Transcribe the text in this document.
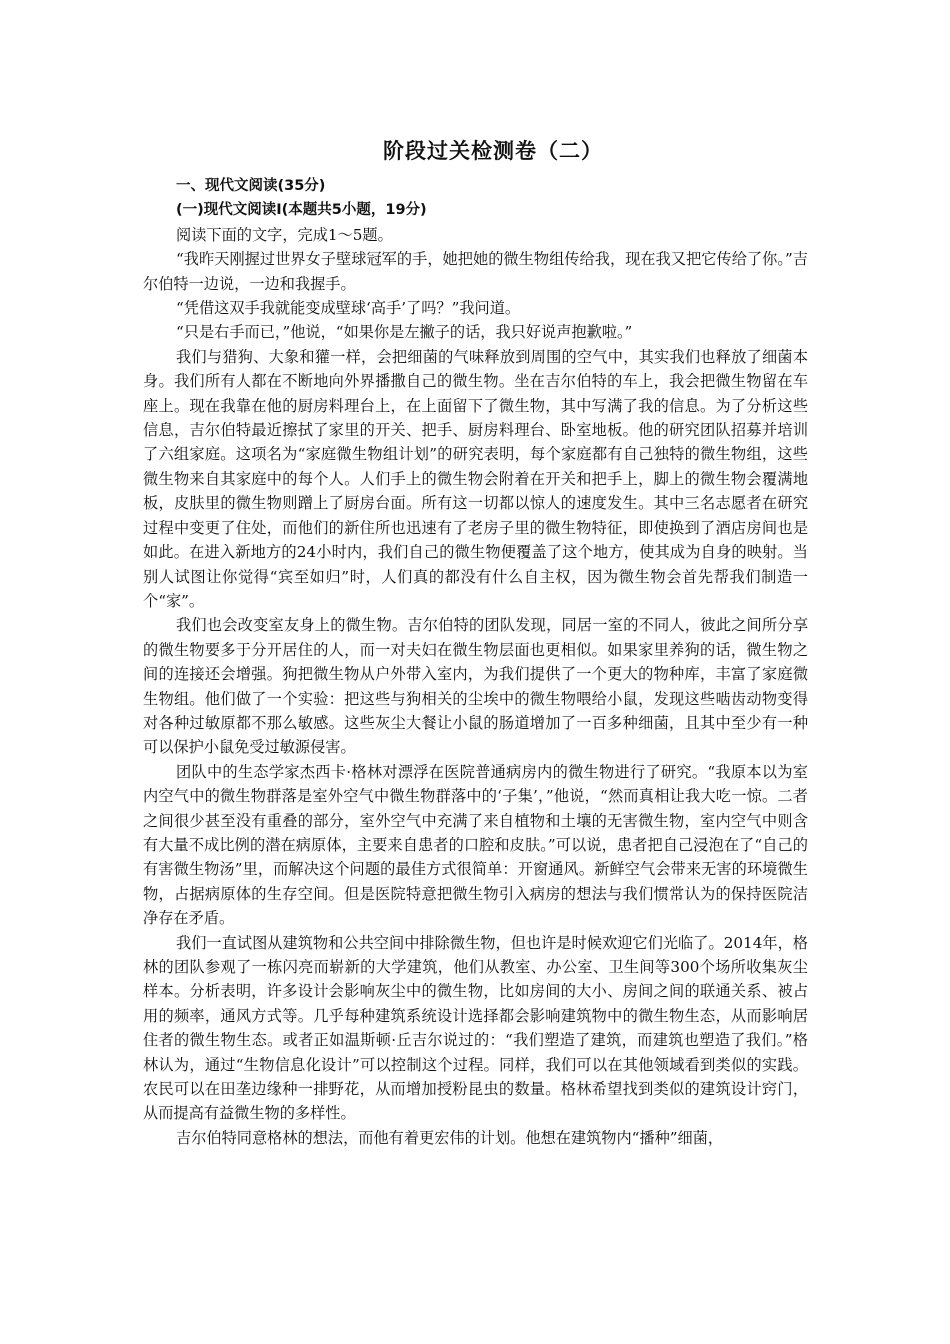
阶段过关检测卷（二）

一、现代文阅读(35分)

(一)现代文阅读Ⅰ(本题共5小题，19分)

阅读下面的文字，完成1～5题。

“我昨天刚握过世界女子壁球冠军的手，她把她的微生物组传给我，现在我又把它传给了你。”吉尔伯特一边说，一边和我握手。

“凭借这双手我就能变成壁球‘高手’了吗？”我问道。

“只是右手而已，”他说，“如果你是左撇子的话，我只好说声抱歉啦。”

我们与猎狗、大象和獾一样，会把细菌的气味释放到周围的空气中，其实我们也释放了细菌本身。我们所有人都在不断地向外界播撒自己的微生物。坐在吉尔伯特的车上，我会把微生物留在车座上。现在我靠在他的厨房料理台上，在上面留下了微生物，其中写满了我的信息。为了分析这些信息，吉尔伯特最近擦拭了家里的开关、把手、厨房料理台、卧室地板。他的研究团队招募并培训了六组家庭。这项名为“家庭微生物组计划”的研究表明，每个家庭都有自己独特的微生物组，这些微生物来自其家庭中的每个人。人们手上的微生物会附着在开关和把手上，脚上的微生物会覆满地板，皮肤里的微生物则蹭上了厨房台面。所有这一切都以惊人的速度发生。其中三名志愿者在研究过程中变更了住处，而他们的新住所也迅速有了老房子里的微生物特征，即使换到了酒店房间也是如此。在进入新地方的24小时内，我们自己的微生物便覆盖了这个地方，使其成为自身的映射。当别人试图让你觉得“宾至如归”时，人们真的都没有什么自主权，因为微生物会首先帮我们制造一个“家”。

我们也会改变室友身上的微生物。吉尔伯特的团队发现，同居一室的不同人，彼此之间所分享的微生物要多于分开居住的人，而一对夫妇在微生物层面也更相似。如果家里养狗的话，微生物之间的连接还会增强。狗把微生物从户外带入室内，为我们提供了一个更大的物种库，丰富了家庭微生物组。他们做了一个实验：把这些与狗相关的尘埃中的微生物喂给小鼠，发现这些啮齿动物变得对各种过敏原都不那么敏感。这些灰尘大餐让小鼠的肠道增加了一百多种细菌，且其中至少有一种可以保护小鼠免受过敏源侵害。

团队中的生态学家杰西卡·格林对漂浮在医院普通病房内的微生物进行了研究。“我原本以为室内空气中的微生物群落是室外空气中微生物群落中的‘子集’，”他说，“然而真相让我大吃一惊。二者之间很少甚至没有重叠的部分，室外空气中充满了来自植物和土壤的无害微生物，室内空气中则含有大量不成比例的潜在病原体，主要来自患者的口腔和皮肤。”可以说，患者把自己浸泡在了“自己的有害微生物汤”里，而解决这个问题的最佳方式很简单：开窗通风。新鲜空气会带来无害的环境微生物，占据病原体的生存空间。但是医院特意把微生物引入病房的想法与我们惯常认为的保持医院洁净存在矛盾。

我们一直试图从建筑物和公共空间中排除微生物，但也许是时候欢迎它们光临了。2014年，格林的团队参观了一栋闪亮而崭新的大学建筑，他们从教室、办公室、卫生间等300个场所收集灰尘样本。分析表明，许多设计会影响灰尘中的微生物，比如房间的大小、房间之间的联通关系、被占用的频率，通风方式等。几乎每种建筑系统设计选择都会影响建筑物中的微生物生态，从而影响居住者的微生物生态。或者正如温斯顿·丘吉尔说过的：“我们塑造了建筑，而建筑也塑造了我们。”格林认为，通过“生物信息化设计”可以控制这个过程。同样，我们可以在其他领域看到类似的实践。农民可以在田垄边缘种一排野花，从而增加授粉昆虫的数量。格林希望找到类似的建筑设计窍门，从而提高有益微生物的多样性。

吉尔伯特同意格林的想法，而他有着更宏伟的计划。他想在建筑物内“播种”细菌，
